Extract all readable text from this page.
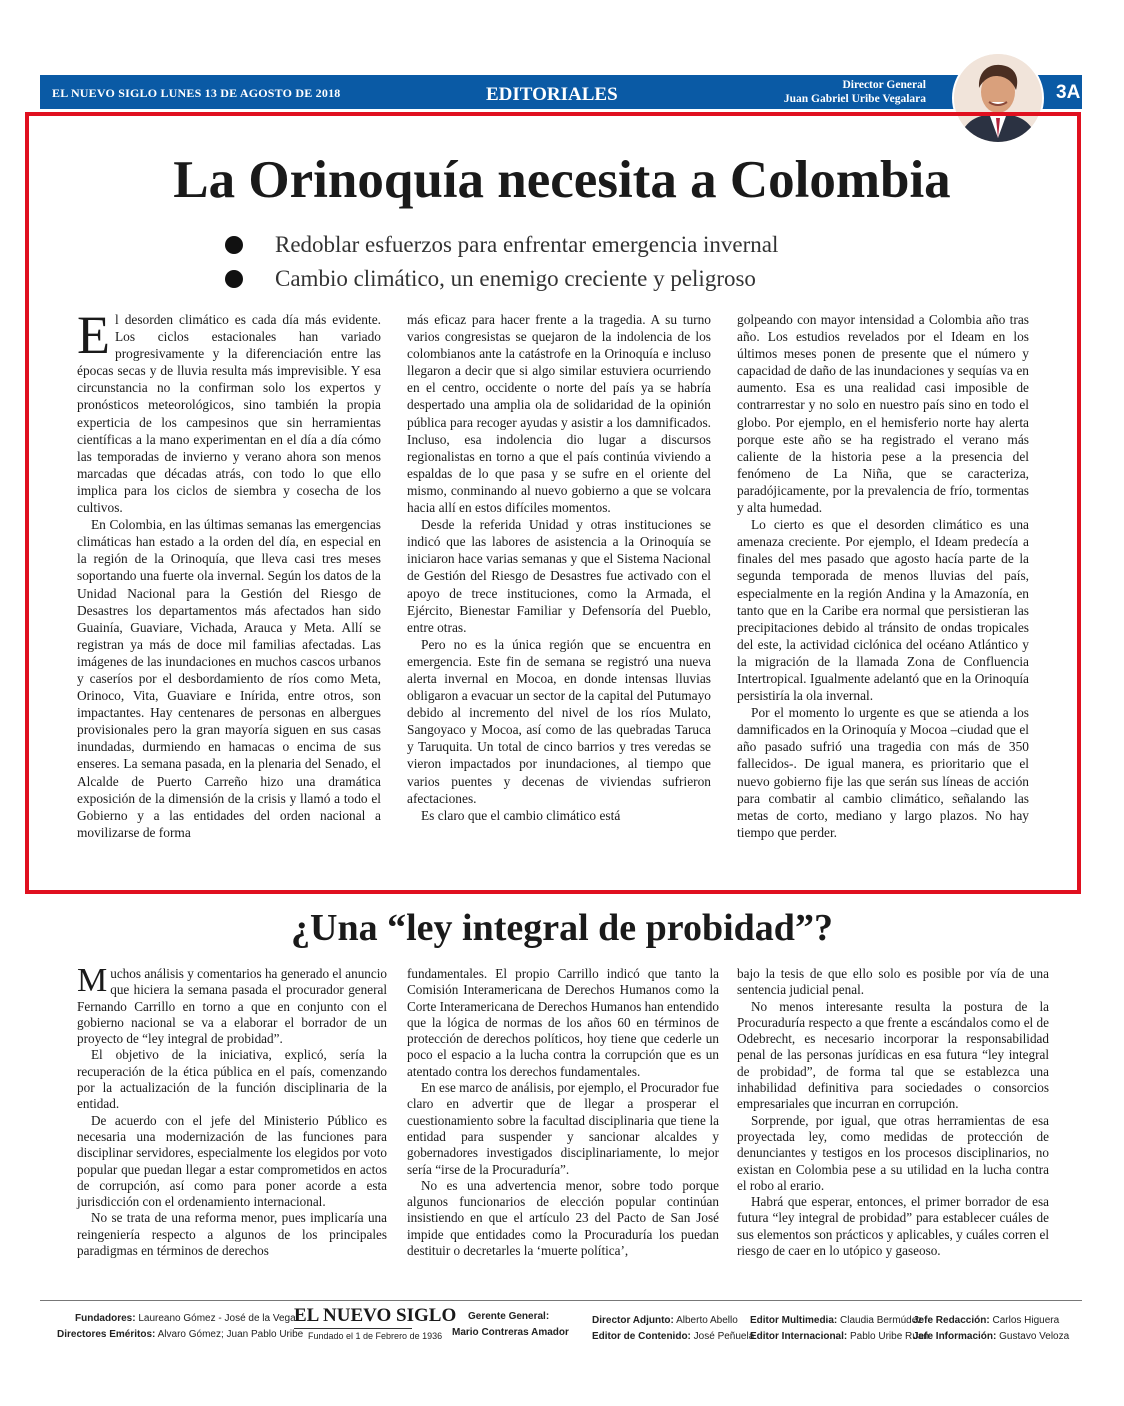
EL NUEVO SIGLO LUNES 13 DE AGOSTO DE 2018	EDITORIALES	Director General
Juan Gabriel Uribe Vegalara	3A
La Orinoquía necesita a Colombia
Redoblar esfuerzos para enfrentar emergencia invernal
Cambio climático, un enemigo creciente y peligroso

El desorden climático es cada día más evidente. Los ciclos estacionales han variado progresivamente y la diferenciación entre las épocas secas y de lluvia resulta más imprevisible. Y esa circunstancia no la confirman solo los expertos y pronósticos meteorológicos, sino también la propia experticia de los campesinos que sin herramientas científicas a la mano experimentan en el día a día cómo las temporadas de invierno y verano ahora son menos marcadas que décadas atrás, con todo lo que ello implica para los ciclos de siembra y cosecha de los cultivos.

En Colombia, en las últimas semanas las emergencias climáticas han estado a la orden del día, en especial en la región de la Orinoquía, que lleva casi tres meses soportando una fuerte ola invernal. Según los datos de la Unidad Nacional para la Gestión del Riesgo de Desastres los departamentos más afectados han sido Guainía, Guaviare, Vichada, Arauca y Meta. Allí se registran ya más de doce mil familias afectadas. Las imágenes de las inundaciones en muchos cascos urbanos y caseríos por el desbordamiento de ríos como Meta, Orinoco, Vita, Guaviare e Inírida, entre otros, son impactantes. Hay centenares de personas en albergues provisionales pero la gran mayoría siguen en sus casas inundadas, durmiendo en hamacas o encima de sus enseres. La semana pasada, en la plenaria del Senado, el Alcalde de Puerto Carreño hizo una dramática exposición de la dimensión de la crisis y llamó a todo el Gobierno y a las entidades del orden nacional a movilizarse de forma

más eficaz para hacer frente a la tragedia. A su turno varios congresistas se quejaron de la indolencia de los colombianos ante la catástrofe en la Orinoquía e incluso llegaron a decir que si algo similar estuviera ocurriendo en el centro, occidente o norte del país ya se habría despertado una amplia ola de solidaridad de la opinión pública para recoger ayudas y asistir a los damnificados. Incluso, esa indolencia dio lugar a discursos regionalistas en torno a que el país continúa viviendo a espaldas de lo que pasa y se sufre en el oriente del mismo, conminando al nuevo gobierno a que se volcara hacia allí en estos difíciles momentos.

Desde la referida Unidad y otras instituciones se indicó que las labores de asistencia a la Orinoquía se iniciaron hace varias semanas y que el Sistema Nacional de Gestión del Riesgo de Desastres fue activado con el apoyo de trece instituciones, como la Armada, el Ejército, Bienestar Familiar y Defensoría del Pueblo, entre otras.

Pero no es la única región que se encuentra en emergencia. Este fin de semana se registró una nueva alerta invernal en Mocoa, en donde intensas lluvias obligaron a evacuar un sector de la capital del Putumayo debido al incremento del nivel de los ríos Mulato, Sangoyaco y Mocoa, así como de las quebradas Taruca y Taruquita. Un total de cinco barrios y tres veredas se vieron impactados por inundaciones, al tiempo que varios puentes y decenas de viviendas sufrieron afectaciones.

Es claro que el cambio climático está

golpeando con mayor intensidad a Colombia año tras año. Los estudios revelados por el Ideam en los últimos meses ponen de presente que el número y capacidad de daño de las inundaciones y sequías va en aumento. Esa es una realidad casi imposible de contrarrestar y no solo en nuestro país sino en todo el globo. Por ejemplo, en el hemisferio norte hay alerta porque este año se ha registrado el verano más caliente de la historia pese a la presencia del fenómeno de La Niña, que se caracteriza, paradójicamente, por la prevalencia de frío, tormentas y alta humedad.

Lo cierto es que el desorden climático es una amenaza creciente. Por ejemplo, el Ideam predecía a finales del mes pasado que agosto hacía parte de la segunda temporada de menos lluvias del país, especialmente en la región Andina y la Amazonía, en tanto que en la Caribe era normal que persistieran las precipitaciones debido al tránsito de ondas tropicales del este, la actividad ciclónica del océano Atlántico y la migración de la llamada Zona de Confluencia Intertropical. Igualmente adelantó que en la Orinoquía persistiría la ola invernal.

Por el momento lo urgente es que se atienda a los damnificados en la Orinoquía y Mocoa –ciudad que el año pasado sufrió una tragedia con más de 350 fallecidos-. De igual manera, es prioritario que el nuevo gobierno fije las que serán sus líneas de acción para combatir al cambio climático, señalando las metas de corto, mediano y largo plazos. No hay tiempo que perder.

¿Una “ley integral de probidad”?

Muchos análisis y comentarios ha generado el anuncio que hiciera la semana pasada el procurador general Fernando Carrillo en torno a que en conjunto con el gobierno nacional se va a elaborar el borrador de un proyecto de “ley integral de probidad”.

El objetivo de la iniciativa, explicó, sería la recuperación de la ética pública en el país, comenzando por la actualización de la función disciplinaria de la entidad.

De acuerdo con el jefe del Ministerio Público es necesaria una modernización de las funciones para disciplinar servidores, especialmente los elegidos por voto popular que puedan llegar a estar comprometidos en actos de corrupción, así como para poner acorde a esta jurisdicción con el ordenamiento internacional.

No se trata de una reforma menor, pues implicaría una reingeniería respecto a algunos de los principales paradigmas en términos de derechos

fundamentales. El propio Carrillo indicó que tanto la Comisión Interamericana de Derechos Humanos como la Corte Interamericana de Derechos Humanos han entendido que la lógica de normas de los años 60 en términos de protección de derechos políticos, hoy tiene que cederle un poco el espacio a la lucha contra la corrupción que es un atentado contra los derechos fundamentales.

En ese marco de análisis, por ejemplo, el Procurador fue claro en advertir que de llegar a prosperar el cuestionamiento sobre la facultad disciplinaria que tiene la entidad para suspender y sancionar alcaldes y gobernadores investigados disciplinariamente, lo mejor sería “irse de la Procuraduría”.

No es una advertencia menor, sobre todo porque algunos funcionarios de elección popular continúan insistiendo en que el artículo 23 del Pacto de San José impide que entidades como la Procuraduría los puedan destituir o decretarles la ‘muerte política’,

bajo la tesis de que ello solo es posible por vía de una sentencia judicial penal.

No menos interesante resulta la postura de la Procuraduría respecto a que frente a escándalos como el de Odebrecht, es necesario incorporar la responsabilidad penal de las personas jurídicas en esa futura “ley integral de probidad”, de forma tal que se establezca una inhabilidad definitiva para sociedades o consorcios empresariales que incurran en corrupción.

Sorprende, por igual, que otras herramientas de esa proyectada ley, como medidas de protección de denunciantes y testigos en los procesos disciplinarios, no existan en Colombia pese a su utilidad en la lucha contra el robo al erario.

Habrá que esperar, entonces, el primer borrador de esa futura “ley integral de probidad” para establecer cuáles de sus elementos son prácticos y aplicables, y cuáles corren el riesgo de caer en lo utópico y gaseoso.

Fundadores: Laureano Gómez - José de la Vega
Directores Eméritos: Alvaro Gómez; Juan Pablo Uribe
EL NUEVO SIGLO
Fundado el 1 de Febrero de 1936
Gerente General:
Mario Contreras Amador
Director Adjunto: Alberto Abello
Editor de Contenido: José Peñuela
Editor Multimedia: Claudia Bermúdez
Editor Internacional: Pablo Uribe Ruan
Jefe Redacción: Carlos Higuera
Jefe Información: Gustavo Veloza
